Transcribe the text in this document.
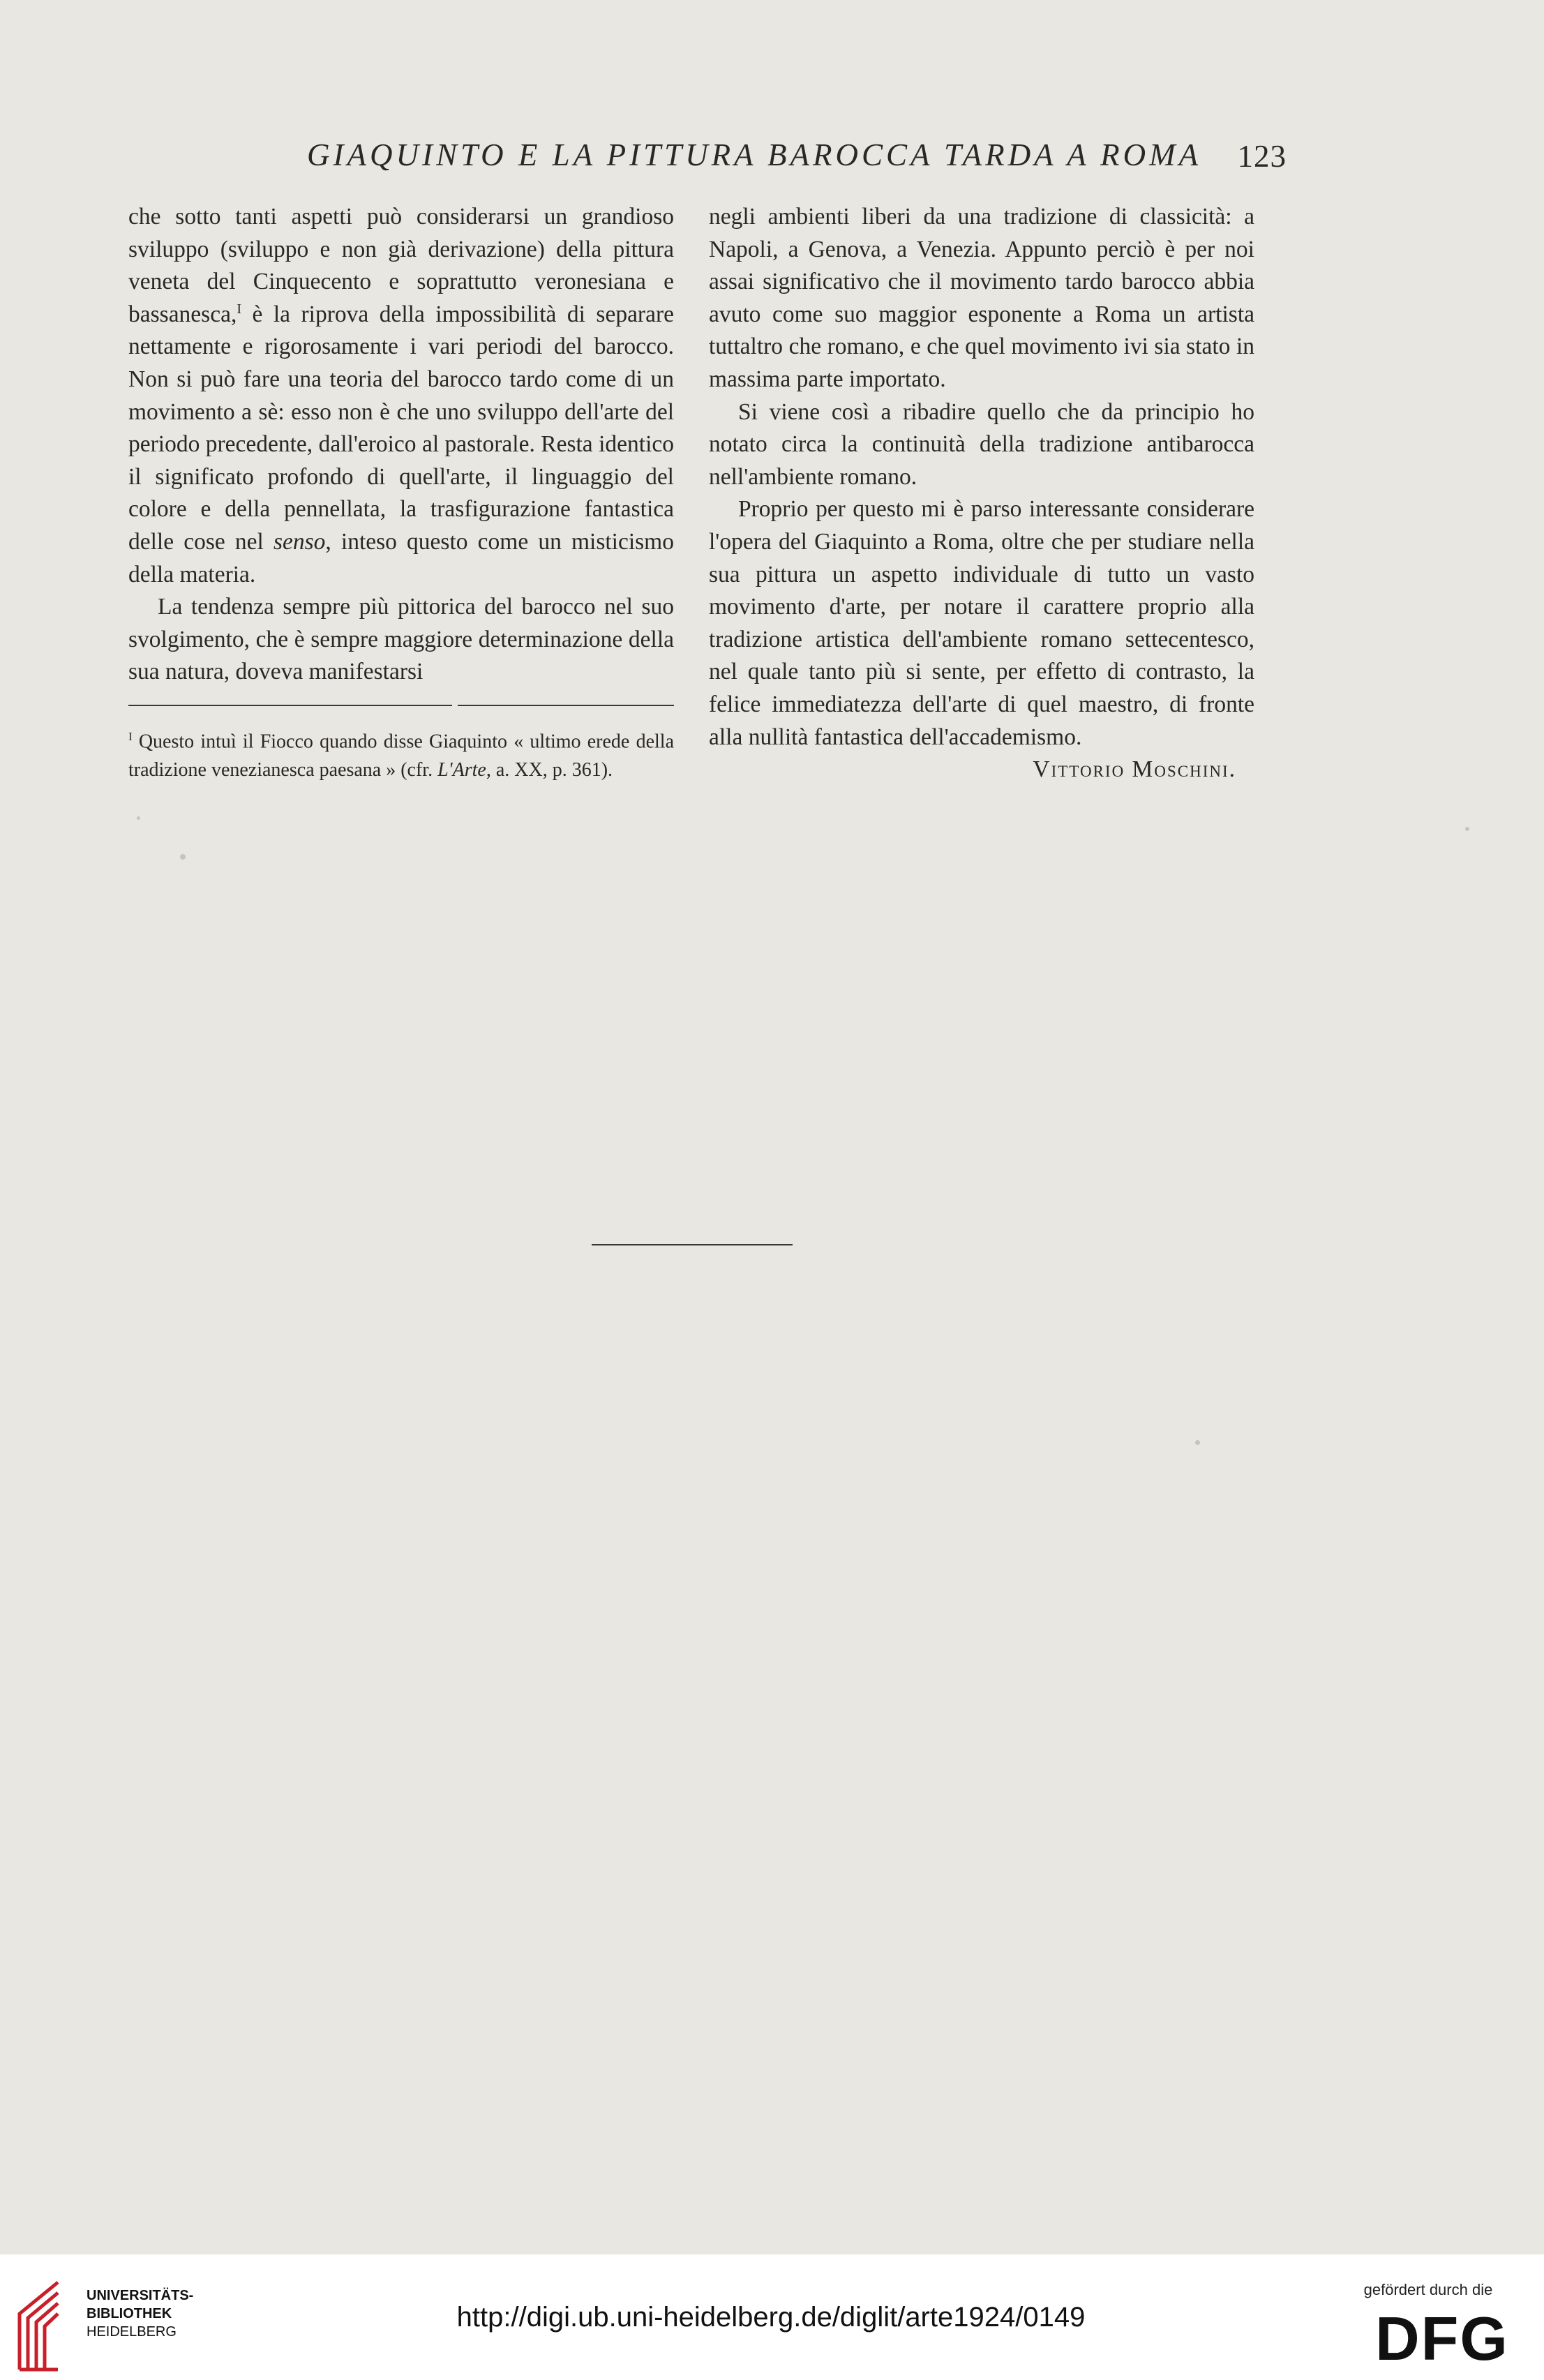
GIAQUINTO E LA PITTURA BAROCCA TARDA A ROMA	123

che sotto tanti aspetti può considerarsi un grandioso sviluppo (sviluppo e non già derivazione) della pittura veneta del Cinquecento e soprattutto veronesiana e bassanesca,$^I$ è la riprova della impossibilità di separare nettamente e rigorosamente i vari periodi del barocco. Non si può fare una teoria del barocco tardo come di un movimento a sè: esso non è che uno sviluppo dell'arte del periodo precedente, dall'eroico al pastorale. Resta identico il significato profondo di quell'arte, il linguaggio del colore e della pennellata, la trasfigurazione fantastica delle cose nel senso, inteso questo come un misticismo della materia.

La tendenza sempre più pittorica del barocco nel suo svolgimento, che è sempre maggiore determinazione della sua natura, doveva manifestarsi

$^I$ Questo intuì il Fiocco quando disse Giaquinto « ultimo erede della tradizione venezianesca paesana » (cfr. L'Arte, a. XX, p. 361).

negli ambienti liberi da una tradizione di classicità: a Napoli, a Genova, a Venezia. Appunto perciò è per noi assai significativo che il movimento tardo barocco abbia avuto come suo maggior esponente a Roma un artista tuttaltro che romano, e che quel movimento ivi sia stato in massima parte importato.

Si viene così a ribadire quello che da principio ho notato circa la continuità della tradizione antibarocca nell'ambiente romano.

Proprio per questo mi è parso interessante considerare l'opera del Giaquinto a Roma, oltre che per studiare nella sua pittura un aspetto individuale di tutto un vasto movimento d'arte, per notare il carattere proprio alla tradizione artistica dell'ambiente romano settecentesco, nel quale tanto più si sente, per effetto di contrasto, la felice immediatezza dell'arte di quel maestro, di fronte alla nullità fantastica dell'accademismo.

Vittorio Moschini.
UNIVERSITÄTS-
BIBLIOTHEK
HEIDELBERG	http://digi.ub.uni-heidelberg.de/diglit/arte1924/0149
gefördert durch die
DFG
